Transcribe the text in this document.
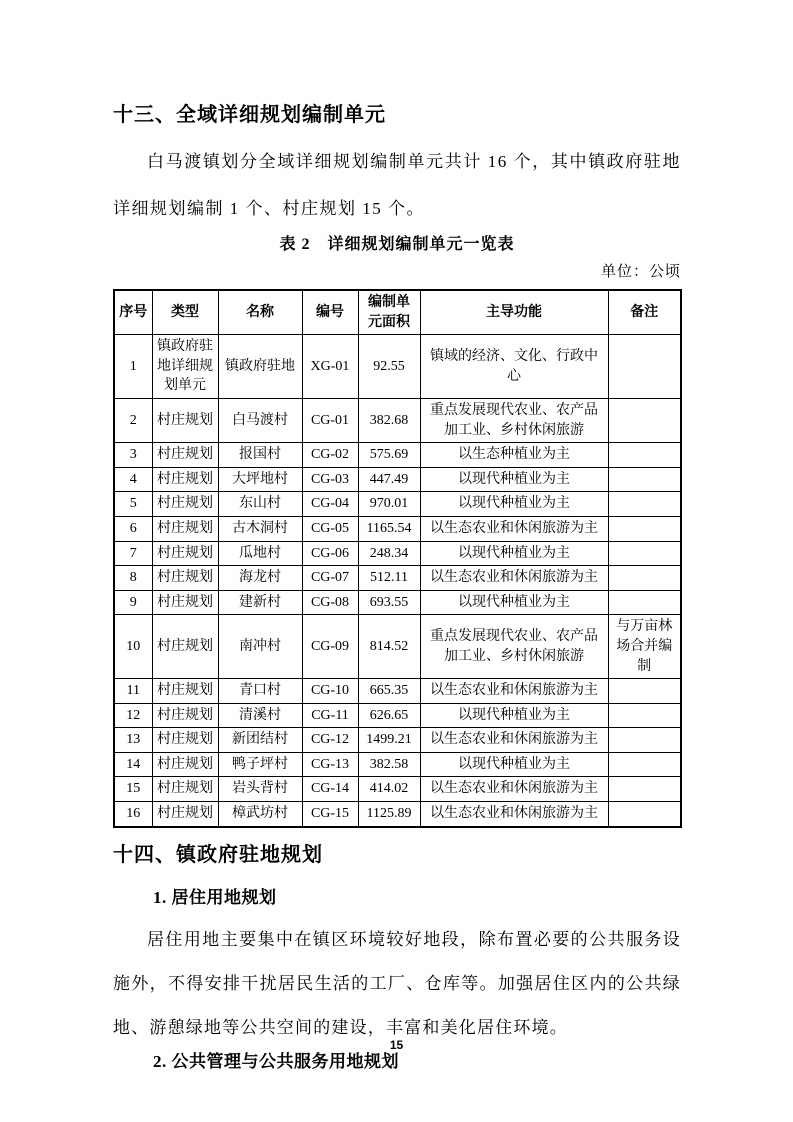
十三、全域详细规划编制单元
白马渡镇划分全域详细规划编制单元共计 16 个，其中镇政府驻地详细规划编制 1 个、村庄规划 15 个。
表 2　详细规划编制单元一览表
单位：公顷
序号	类型	名称	编号	编制单元面积	主导功能	备注
1	镇政府驻地详细规划单元	镇政府驻地	XG-01	92.55	镇域的经济、文化、行政中心	
2	村庄规划	白马渡村	CG-01	382.68	重点发展现代农业、农产品加工业、乡村休闲旅游	
3	村庄规划	报国村	CG-02	575.69	以生态种植业为主	
4	村庄规划	大坪地村	CG-03	447.49	以现代种植业为主	
5	村庄规划	东山村	CG-04	970.01	以现代种植业为主	
6	村庄规划	古木洞村	CG-05	1165.54	以生态农业和休闲旅游为主	
7	村庄规划	瓜地村	CG-06	248.34	以现代种植业为主	
8	村庄规划	海龙村	CG-07	512.11	以生态农业和休闲旅游为主	
9	村庄规划	建新村	CG-08	693.55	以现代种植业为主	
10	村庄规划	南冲村	CG-09	814.52	重点发展现代农业、农产品加工业、乡村休闲旅游	与万亩林场合并编制
11	村庄规划	青口村	CG-10	665.35	以生态农业和休闲旅游为主	
12	村庄规划	清溪村	CG-11	626.65	以现代种植业为主	
13	村庄规划	新团结村	CG-12	1499.21	以生态农业和休闲旅游为主	
14	村庄规划	鸭子坪村	CG-13	382.58	以现代种植业为主	
15	村庄规划	岩头背村	CG-14	414.02	以生态农业和休闲旅游为主	
16	村庄规划	樟武坊村	CG-15	1125.89	以生态农业和休闲旅游为主	
十四、镇政府驻地规划
1. 居住用地规划
居住用地主要集中在镇区环境较好地段，除布置必要的公共服务设施外，不得安排干扰居民生活的工厂、仓库等。加强居住区内的公共绿地、游憩绿地等公共空间的建设，丰富和美化居住环境。
2. 公共管理与公共服务用地规划
15
